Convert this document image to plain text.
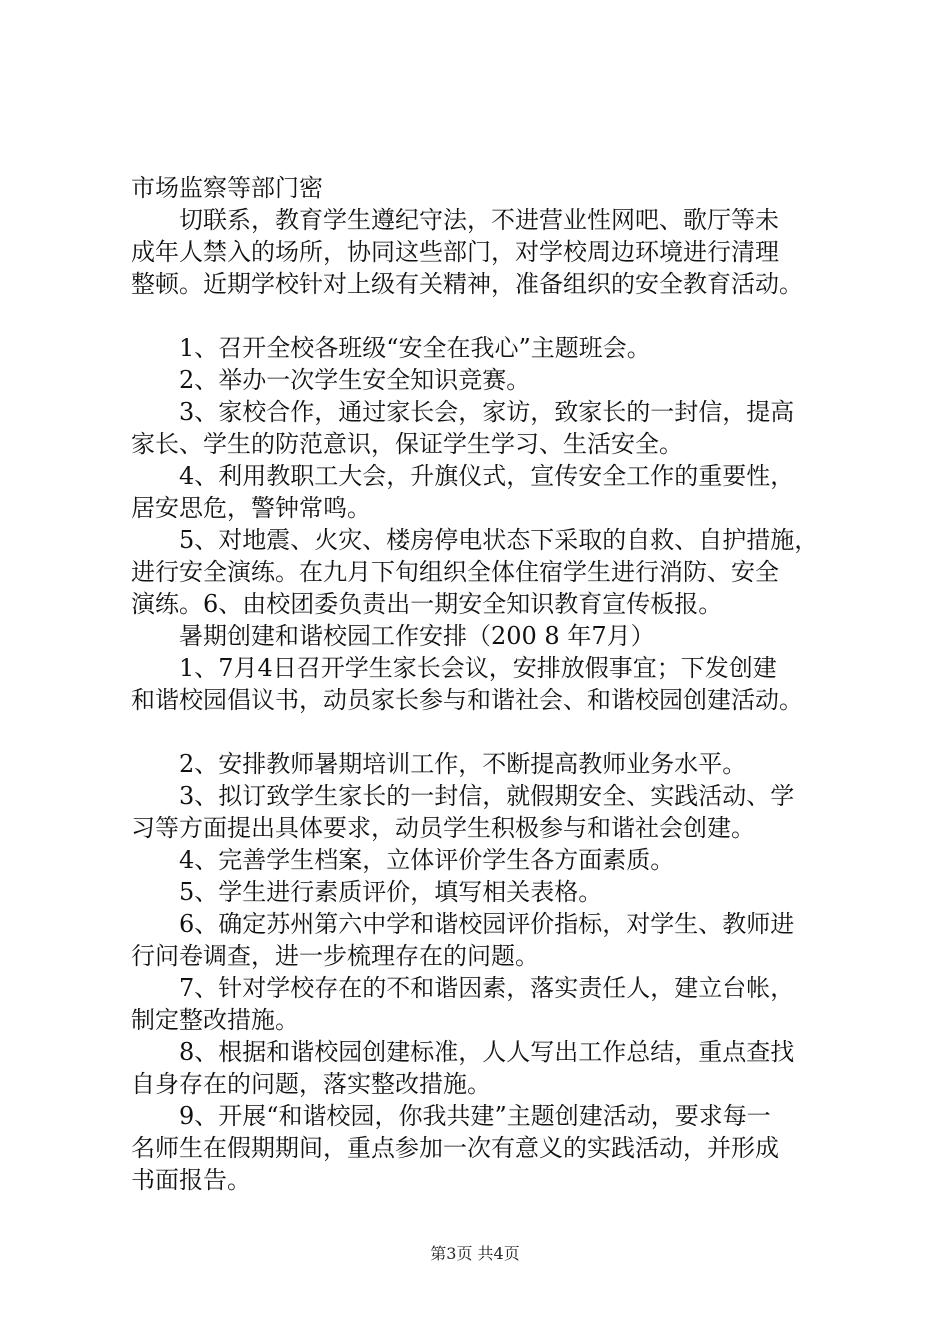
市场监察等部门密
切联系，教育学生遵纪守法，不进营业性网吧、歌厅等未
成年人禁入的场所，协同这些部门，对学校周边环境进行清理
整顿。近期学校针对上级有关精神，准备组织的安全教育活动。
1、召开全校各班级“安全在我心”主题班会。
2、举办一次学生安全知识竞赛。
3、家校合作，通过家长会，家访，致家长的一封信，提高
家长、学生的防范意识，保证学生学习、生活安全。
4、利用教职工大会，升旗仪式，宣传安全工作的重要性，
居安思危，警钟常鸣。
5、对地震、火灾、楼房停电状态下采取的自救、自护措施，
进行安全演练。在九月下旬组织全体住宿学生进行消防、安全
演练。6、由校团委负责出一期安全知识教育宣传板报。
暑期创建和谐校园工作安排（200 8 年7月）
1、7月4日召开学生家长会议，安排放假事宜；下发创建
和谐校园倡议书，动员家长参与和谐社会、和谐校园创建活动。
2、安排教师暑期培训工作，不断提高教师业务水平。
3、拟订致学生家长的一封信，就假期安全、实践活动、学
习等方面提出具体要求，动员学生积极参与和谐社会创建。
4、完善学生档案，立体评价学生各方面素质。
5、学生进行素质评价，填写相关表格。
6、确定苏州第六中学和谐校园评价指标，对学生、教师进
行问卷调查，进一步梳理存在的问题。
7、针对学校存在的不和谐因素，落实责任人，建立台帐，
制定整改措施。
8、根据和谐校园创建标准，人人写出工作总结，重点查找
自身存在的问题，落实整改措施。
9、开展“和谐校园，你我共建”主题创建活动，要求每一
名师生在假期期间，重点参加一次有意义的实践活动，并形成
书面报告。
第3页 共4页
